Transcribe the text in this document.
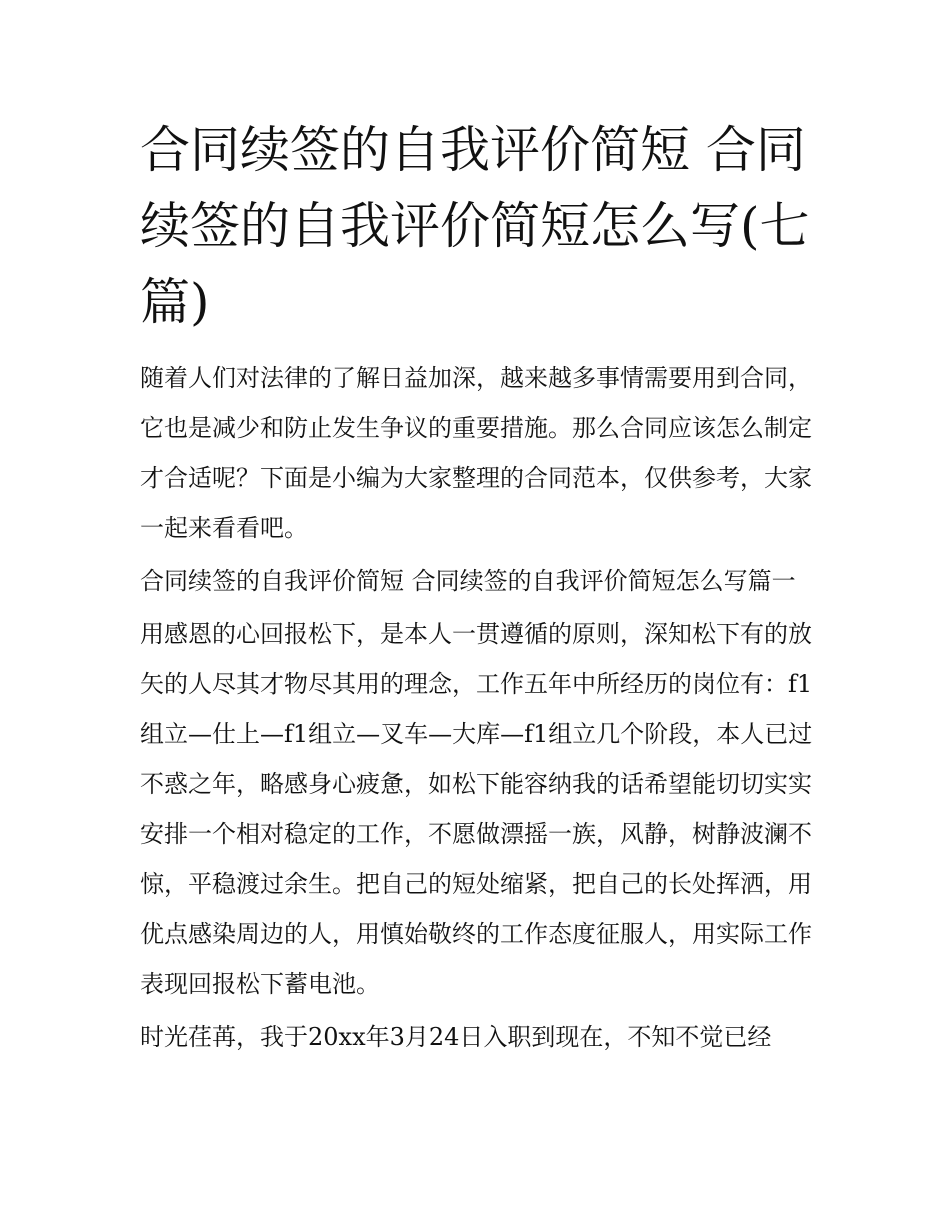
合同续签的自我评价简短 合同续签的自我评价简短怎么写(七篇)

随着人们对法律的了解日益加深，越来越多事情需要用到合同，它也是减少和防止发生争议的重要措施。那么合同应该怎么制定才合适呢？下面是小编为大家整理的合同范本，仅供参考，大家一起来看看吧。

合同续签的自我评价简短 合同续签的自我评价简短怎么写篇一

用感恩的心回报松下，是本人一贯遵循的原则，深知松下有的放矢的人尽其才物尽其用的理念，工作五年中所经历的岗位有：f1组立—仕上—f1组立—叉车—大库—f1组立几个阶段，本人已过不惑之年，略感身心疲惫，如松下能容纳我的话希望能切切实实安排一个相对稳定的工作，不愿做漂摇一族，风静，树静波澜不惊，平稳渡过余生。把自己的短处缩紧，把自己的长处挥洒，用优点感染周边的人，用慎始敬终的工作态度征服人，用实际工作表现回报松下蓄电池。

时光荏苒，我于20xx年3月24日入职到现在，不知不觉已经
